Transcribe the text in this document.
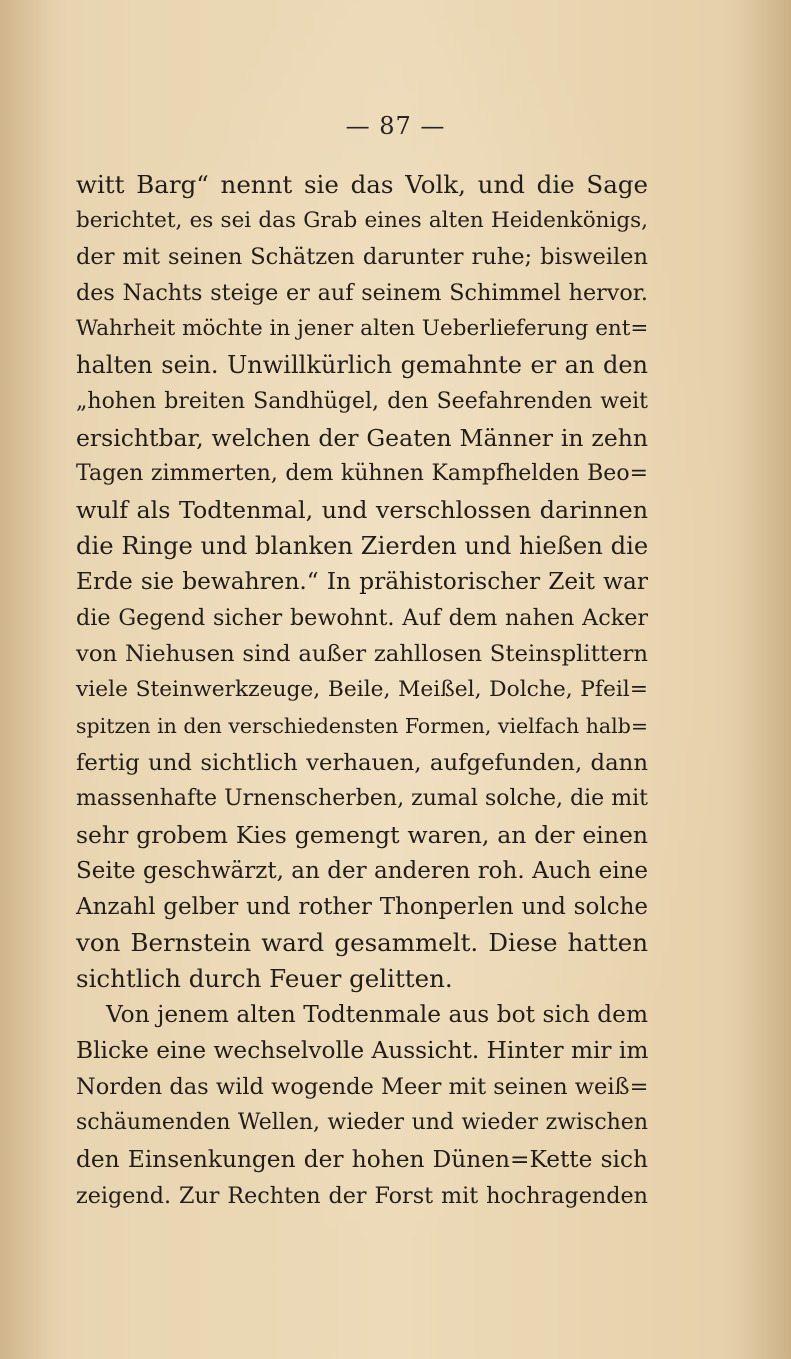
— 87 —
witt Barg“ nennt sie das Volk, und die Sage
berichtet, es sei das Grab eines alten Heidenkönigs,
der mit seinen Schätzen darunter ruhe; bisweilen
des Nachts steige er auf seinem Schimmel hervor.
Wahrheit möchte in jener alten Ueberlieferung ent=
halten sein. Unwillkürlich gemahnte er an den
„hohen breiten Sandhügel, den Seefahrenden weit
ersichtbar, welchen der Geaten Männer in zehn
Tagen zimmerten, dem kühnen Kampfhelden Beo=
wulf als Todtenmal, und verschlossen darinnen
die Ringe und blanken Zierden und hießen die
Erde sie bewahren.“ In prähistorischer Zeit war
die Gegend sicher bewohnt. Auf dem nahen Acker
von Niehusen sind außer zahllosen Steinsplittern
viele Steinwerkzeuge, Beile, Meißel, Dolche, Pfeil=
spitzen in den verschiedensten Formen, vielfach halb=
fertig und sichtlich verhauen, aufgefunden, dann
massenhafte Urnenscherben, zumal solche, die mit
sehr grobem Kies gemengt waren, an der einen
Seite geschwärzt, an der anderen roh. Auch eine
Anzahl gelber und rother Thonperlen und solche
von Bernstein ward gesammelt. Diese hatten
sichtlich durch Feuer gelitten.
Von jenem alten Todtenmale aus bot sich dem
Blicke eine wechselvolle Aussicht. Hinter mir im
Norden das wild wogende Meer mit seinen weiß=
schäumenden Wellen, wieder und wieder zwischen
den Einsenkungen der hohen Dünen=Kette sich
zeigend. Zur Rechten der Forst mit hochragenden
